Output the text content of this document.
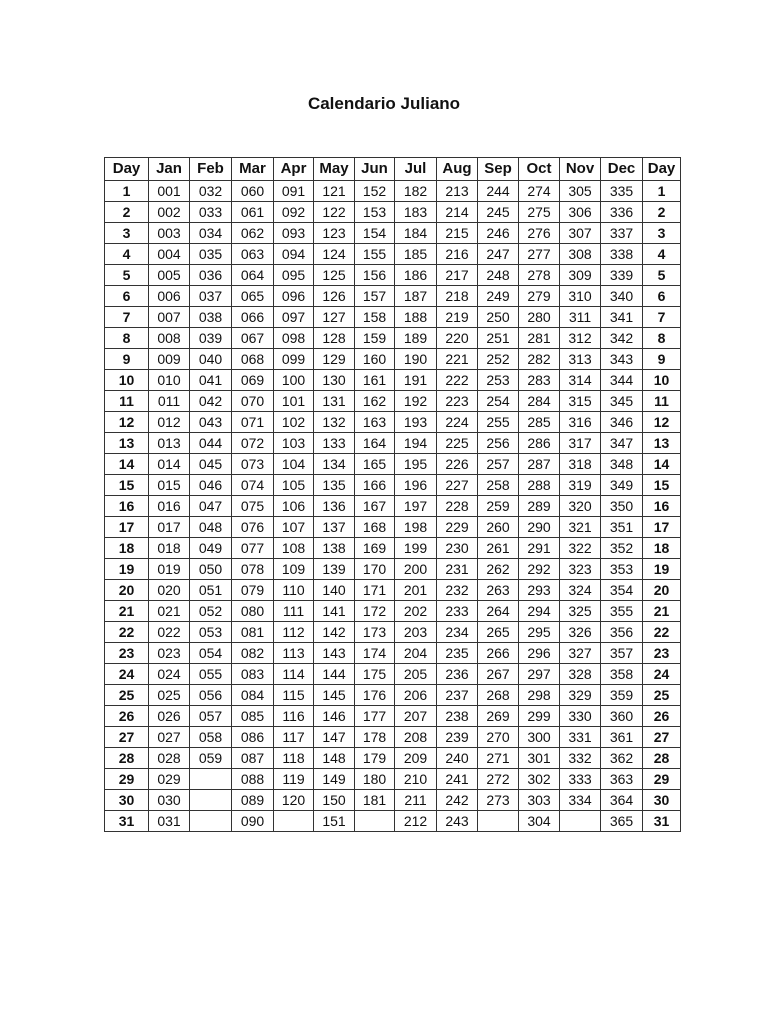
Calendario Juliano
Day	Jan	Feb	Mar	Apr	May	Jun	Jul	Aug	Sep	Oct	Nov	Dec	Day
1	001	032	060	091	121	152	182	213	244	274	305	335	1
2	002	033	061	092	122	153	183	214	245	275	306	336	2
3	003	034	062	093	123	154	184	215	246	276	307	337	3
4	004	035	063	094	124	155	185	216	247	277	308	338	4
5	005	036	064	095	125	156	186	217	248	278	309	339	5
6	006	037	065	096	126	157	187	218	249	279	310	340	6
7	007	038	066	097	127	158	188	219	250	280	311	341	7
8	008	039	067	098	128	159	189	220	251	281	312	342	8
9	009	040	068	099	129	160	190	221	252	282	313	343	9
10	010	041	069	100	130	161	191	222	253	283	314	344	10
11	011	042	070	101	131	162	192	223	254	284	315	345	11
12	012	043	071	102	132	163	193	224	255	285	316	346	12
13	013	044	072	103	133	164	194	225	256	286	317	347	13
14	014	045	073	104	134	165	195	226	257	287	318	348	14
15	015	046	074	105	135	166	196	227	258	288	319	349	15
16	016	047	075	106	136	167	197	228	259	289	320	350	16
17	017	048	076	107	137	168	198	229	260	290	321	351	17
18	018	049	077	108	138	169	199	230	261	291	322	352	18
19	019	050	078	109	139	170	200	231	262	292	323	353	19
20	020	051	079	110	140	171	201	232	263	293	324	354	20
21	021	052	080	111	141	172	202	233	264	294	325	355	21
22	022	053	081	112	142	173	203	234	265	295	326	356	22
23	023	054	082	113	143	174	204	235	266	296	327	357	23
24	024	055	083	114	144	175	205	236	267	297	328	358	24
25	025	056	084	115	145	176	206	237	268	298	329	359	25
26	026	057	085	116	146	177	207	238	269	299	330	360	26
27	027	058	086	117	147	178	208	239	270	300	331	361	27
28	028	059	087	118	148	179	209	240	271	301	332	362	28
29	029		088	119	149	180	210	241	272	302	333	363	29
30	030		089	120	150	181	211	242	273	303	334	364	30
31	031		090		151		212	243		304		365	31
